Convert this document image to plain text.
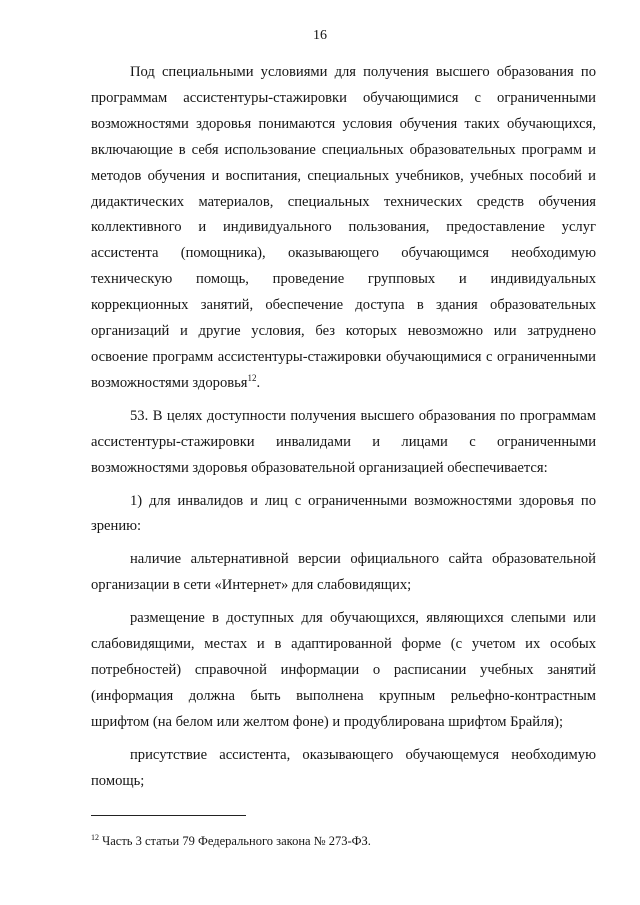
16

Под специальными условиями для получения высшего образования по программам ассистентуры-стажировки обучающимися с ограниченными возможностями здоровья понимаются условия обучения таких обучающихся, включающие в себя использование специальных образовательных программ и методов обучения и воспитания, специальных учебников, учебных пособий и дидактических материалов, специальных технических средств обучения коллективного и индивидуального пользования, предоставление услуг ассистента (помощника), оказывающего обучающимся необходимую техническую помощь, проведение групповых и индивидуальных коррекционных занятий, обеспечение доступа в здания образовательных организаций и другие условия, без которых невозможно или затруднено освоение программ ассистентуры-стажировки обучающимися с ограниченными возможностями здоровья$^{12}$.

53. В целях доступности получения высшего образования по программам ассистентуры-стажировки инвалидами и лицами с ограниченными возможностями здоровья образовательной организацией обеспечивается:

1) для инвалидов и лиц с ограниченными возможностями здоровья по зрению:

наличие альтернативной версии официального сайта образовательной организации в сети «Интернет» для слабовидящих;

размещение в доступных для обучающихся, являющихся слепыми или слабовидящими, местах и в адаптированной форме (с учетом их особых потребностей) справочной информации о расписании учебных занятий (информация должна быть выполнена крупным рельефно-контрастным шрифтом (на белом или желтом фоне) и продублирована шрифтом Брайля);

присутствие ассистента, оказывающего обучающемуся необходимую помощь;

$^{12}$ Часть 3 статьи 79 Федерального закона № 273-ФЗ.
